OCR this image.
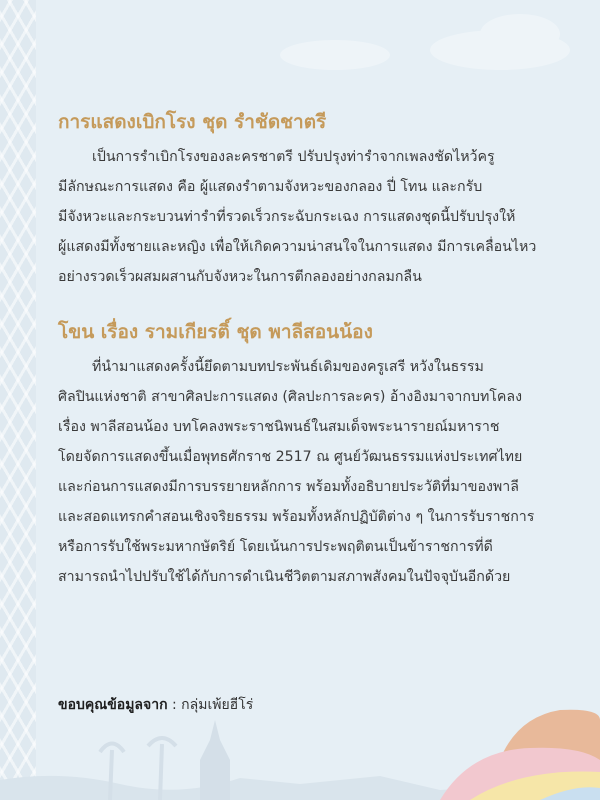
การแสดงเบิกโรง ชุด รำชัดชาตรี

เป็นการรำเบิกโรงของละครชาตรี ปรับปรุงท่ารำจากเพลงชัดไหว้ครู
มีลักษณะการแสดง คือ ผู้แสดงรำตามจังหวะของกลอง ปี่ โทน และกรับ
มีจังหวะและกระบวนท่ารำที่รวดเร็วกระฉับกระเฉง การแสดงชุดนี้ปรับปรุงให้
ผู้แสดงมีทั้งชายและหญิง เพื่อให้เกิดความน่าสนใจในการแสดง มีการเคลื่อนไหว
อย่างรวดเร็วผสมผสานกับจังหวะในการตีกลองอย่างกลมกลืน

โขน เรื่อง รามเกียรติ์ ชุด พาลีสอนน้อง

ที่นำมาแสดงครั้งนี้ยึดตามบทประพันธ์เดิมของครูเสรี หวังในธรรม
ศิลปินแห่งชาติ สาขาศิลปะการแสดง (ศิลปะการละคร) อ้างอิงมาจากบทโคลง
เรื่อง พาลีสอนน้อง บทโคลงพระราชนิพนธ์ในสมเด็จพระนารายณ์มหาราช
โดยจัดการแสดงขึ้นเมื่อพุทธศักราช 2517 ณ ศูนย์วัฒนธรรมแห่งประเทศไทย
และก่อนการแสดงมีการบรรยายหลักการ พร้อมทั้งอธิบายประวัติที่มาของพาลี
และสอดแทรกคำสอนเชิงจริยธรรม พร้อมทั้งหลักปฏิบัติต่าง ๆ ในการรับราชการ
หรือการรับใช้พระมหากษัตริย์ โดยเน้นการประพฤติตนเป็นข้าราชการที่ดี
สามารถนำไปปรับใช้ได้กับการดำเนินชีวิตตามสภาพสังคมในปัจจุบันอีกด้วย

ขอบคุณข้อมูลจาก : กลุ่มเพ้ยฮีโร่
